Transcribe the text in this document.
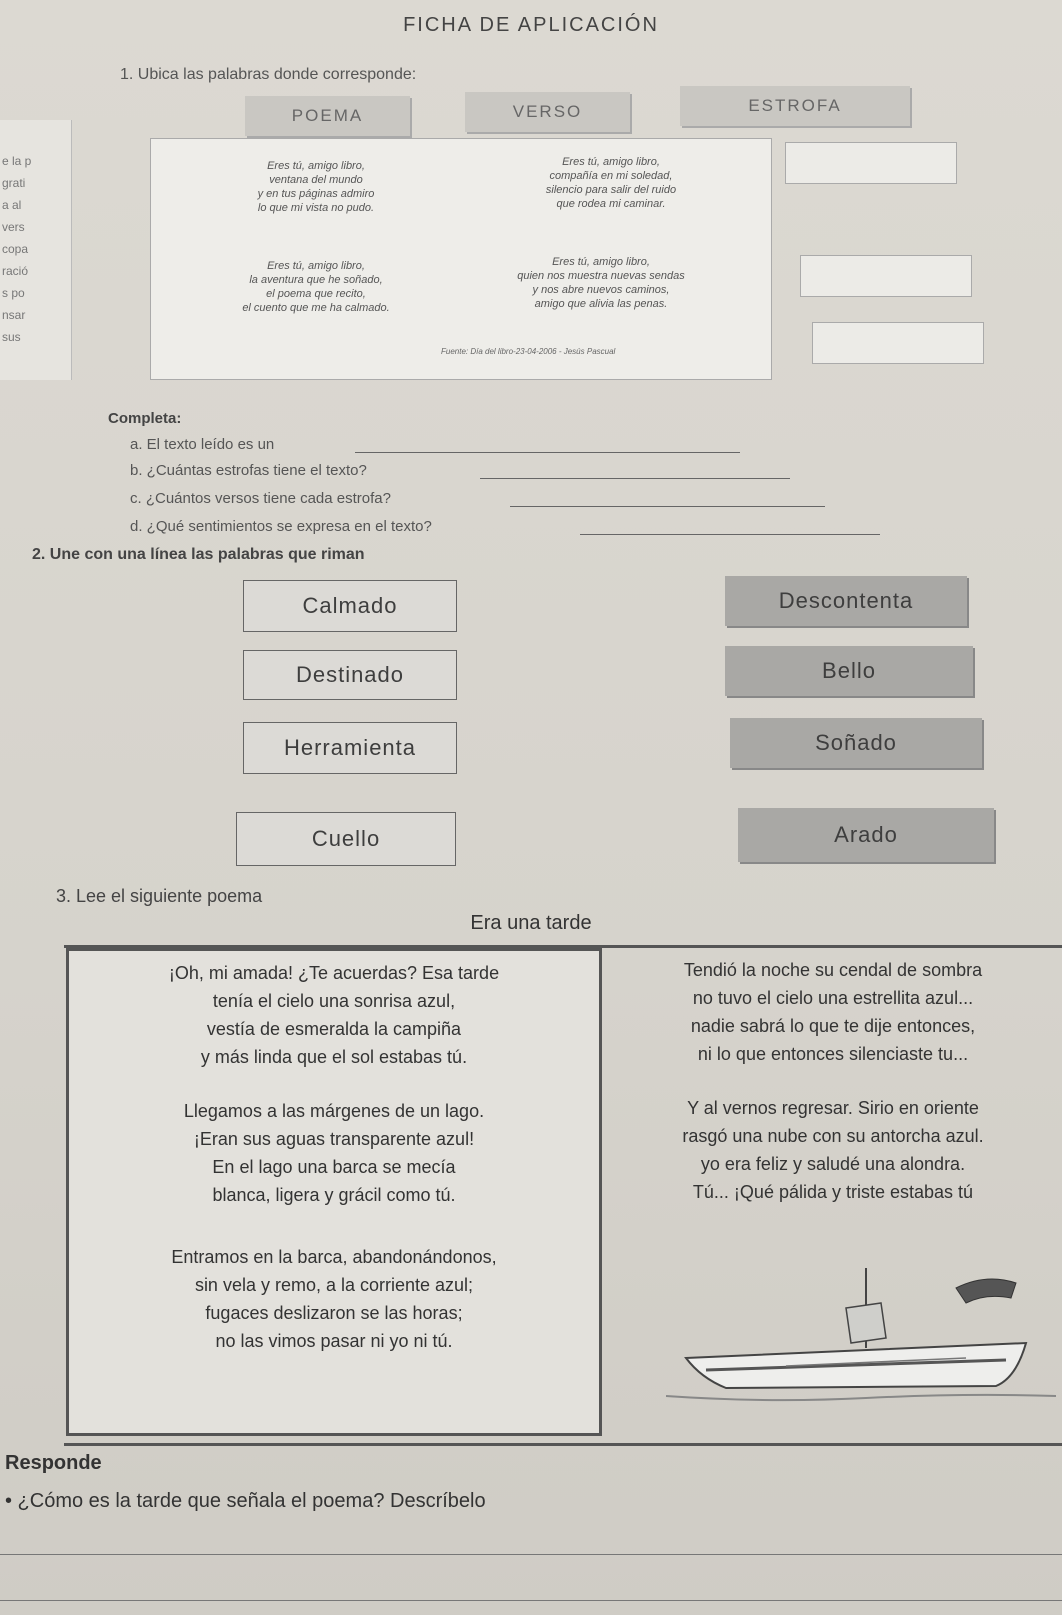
e la p
grati
a al
vers
copa
ració
s po
nsar
sus
FICHA DE APLICACIÓN
1. Ubica las palabras donde corresponde:
POEMA	VERSO	ESTROFA
Eres tú, amigo libro,
ventana del mundo
y en tus páginas admiro
lo que mi vista no pudo.
Eres tú, amigo libro,
compañía en mi soledad,
silencio para salir del ruido
que rodea mi caminar.
Eres tú, amigo libro,
la aventura que he soñado,
el poema que recito,
el cuento que me ha calmado.
Eres tú, amigo libro,
quien nos muestra nuevas sendas
y nos abre nuevos caminos,
amigo que alivia las penas.
Fuente: Día del libro-23-04-2006 - Jesús Pascual
Completa:
a. El texto leído es un
b. ¿Cuántas estrofas tiene el texto?
c. ¿Cuántos versos tiene cada estrofa?
d. ¿Qué sentimientos se expresa en el texto?
2. Une con una línea las palabras que riman
Calmado
Destinado
Herramienta
Cuello
Descontenta
Bello
Soñado
Arado
3. Lee el siguiente poema
Era una tarde
¡Oh, mi amada! ¿Te acuerdas? Esa tarde
tenía el cielo una sonrisa azul,
vestía de esmeralda la campiña
y más linda que el sol estabas tú.
Llegamos a las márgenes de un lago.
¡Eran sus aguas transparente azul!
En el lago una barca se mecía
blanca, ligera y grácil como tú.
Entramos en la barca, abandonándonos,
sin vela y remo, a la corriente azul;
fugaces deslizaron se las horas;
no las vimos pasar ni yo ni tú.
Tendió la noche su cendal de sombra
no tuvo el cielo una estrellita azul...
nadie sabrá lo que te dije entonces,
ni lo que entonces silenciaste tu...
Y al vernos regresar. Sirio en oriente
rasgó una nube con su antorcha azul.
yo era feliz y saludé una alondra.
Tú... ¡Qué pálida y triste estabas tú
Responde
• ¿Cómo es la tarde que señala el poema? Descríbelo
